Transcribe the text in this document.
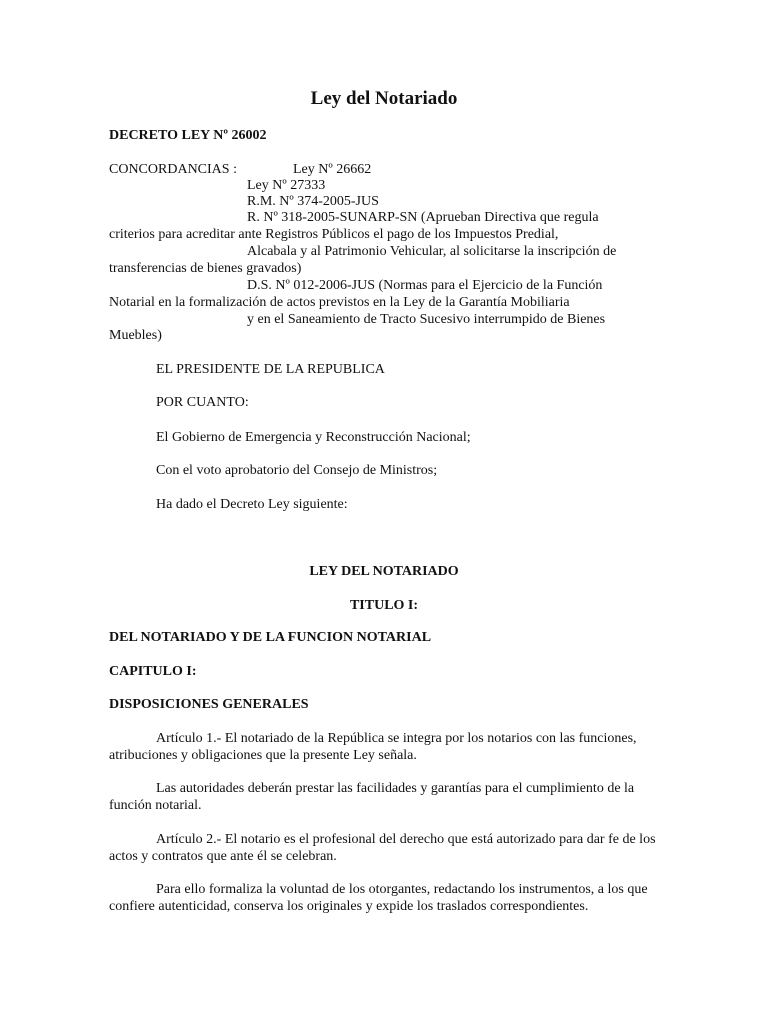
Ley del Notariado
DECRETO LEY Nº 26002
CONCORDANCIAS :	Ley Nº 26662
Ley Nº 27333
R.M. Nº 374-2005-JUS
R. Nº 318-2005-SUNARP-SN (Aprueban Directiva que regula
criterios para acreditar ante Registros Públicos el pago de los Impuestos Predial,
Alcabala y al Patrimonio Vehicular, al solicitarse la inscripción de
transferencias de bienes gravados)
D.S. Nº 012-2006-JUS (Normas para el Ejercicio de la Función
Notarial en la formalización de actos previstos en la Ley de la Garantía Mobiliaria
y en el Saneamiento de Tracto Sucesivo interrumpido de Bienes
Muebles)
EL PRESIDENTE DE LA REPUBLICA
POR CUANTO:
El Gobierno de Emergencia y Reconstrucción Nacional;
Con el voto aprobatorio del Consejo de Ministros;
Ha dado el Decreto Ley siguiente:
LEY DEL NOTARIADO
TITULO I:
DEL NOTARIADO Y DE LA FUNCION NOTARIAL
CAPITULO I:
DISPOSICIONES GENERALES
Artículo 1.- El notariado de la República se integra por los notarios con las funciones, atribuciones y obligaciones que la presente Ley señala.
Las autoridades deberán prestar las facilidades y garantías para el cumplimiento de la función notarial.
Artículo 2.- El notario es el profesional del derecho que está autorizado para dar fe de los actos y contratos que ante él se celebran.
Para ello formaliza la voluntad de los otorgantes, redactando los instrumentos, a los que confiere autenticidad, conserva los originales y expide los traslados correspondientes.
